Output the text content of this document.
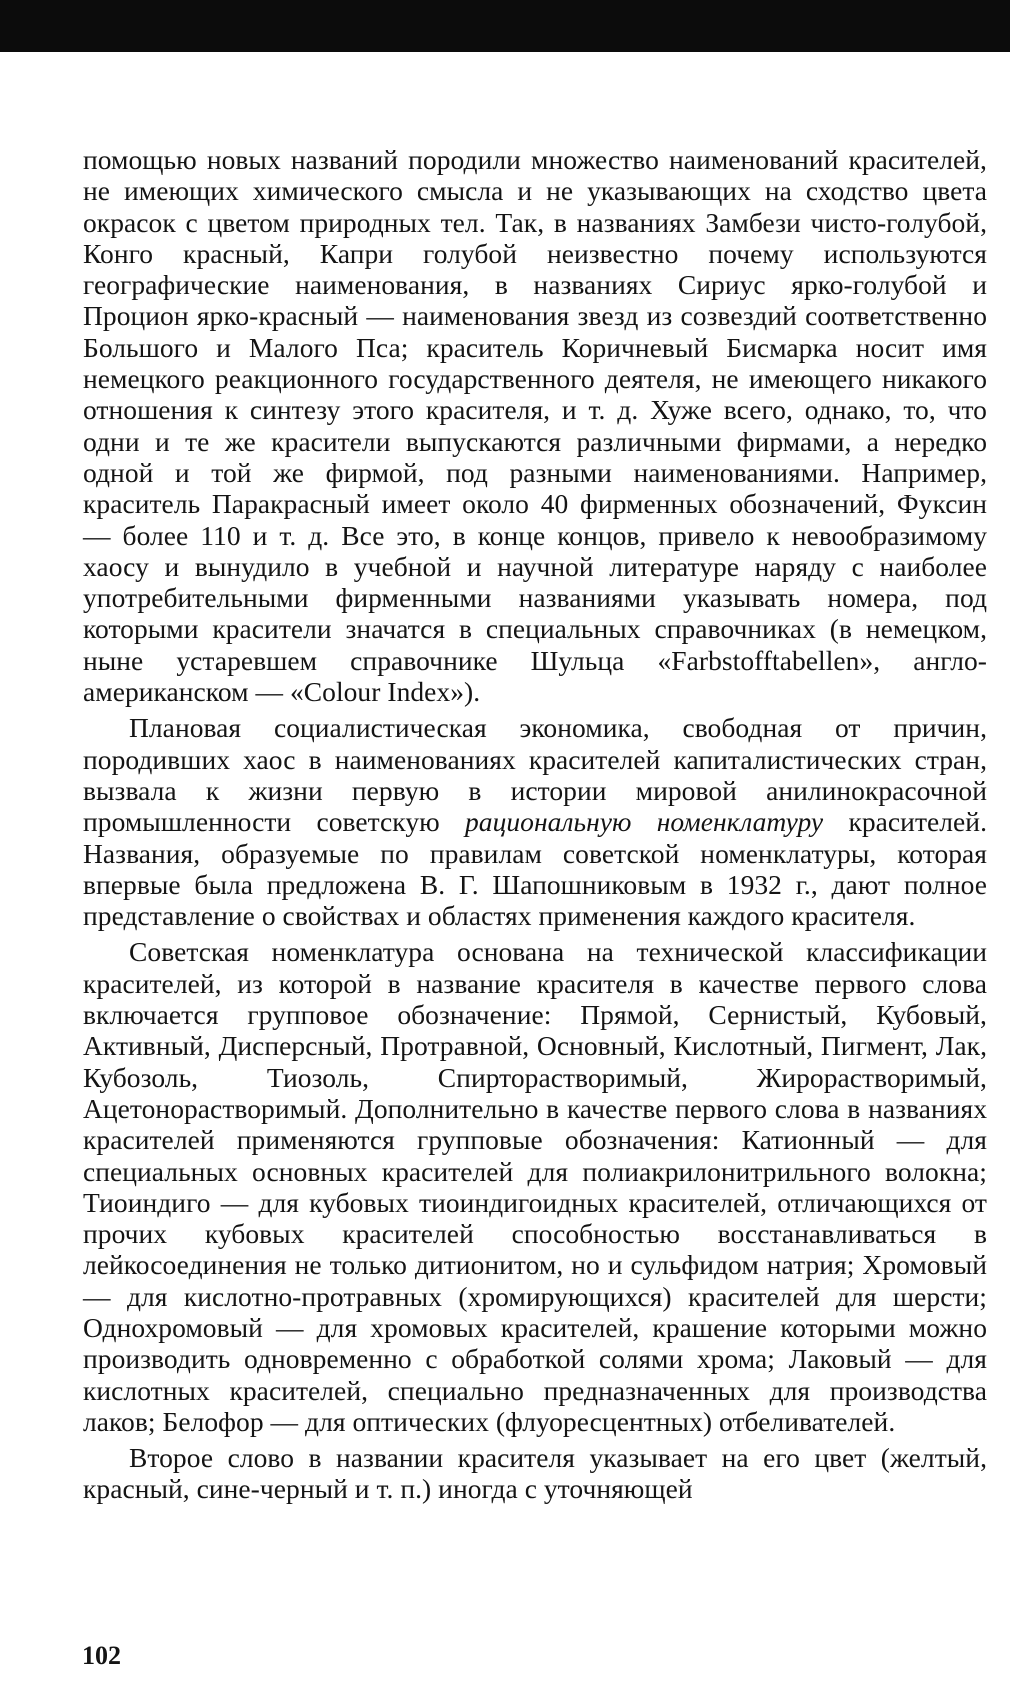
помощью новых названий породили множество наименований красителей, не имеющих химического смысла и не указывающих на сходство цвета окрасок с цветом природных тел. Так, в названиях Замбези чисто-голубой, Конго красный, Капри голубой неизвестно почему используются географические наименования, в названиях Сириус ярко-голубой и Процион ярко-красный — наименования звезд из созвездий соответственно Большого и Малого Пса; краситель Коричневый Бисмарка носит имя немецкого реакционного государственного деятеля, не имеющего никакого отношения к синтезу этого красителя, и т. д. Хуже всего, однако, то, что одни и те же красители выпускаются различными фирмами, а нередко одной и той же фирмой, под разными наименованиями. Например, краситель Паракрасный имеет около 40 фирменных обозначений, Фуксин — более 110 и т. д. Все это, в конце концов, привело к невообразимому хаосу и вынудило в учебной и научной литературе наряду с наиболее употребительными фирменными названиями указывать номера, под которыми красители значатся в специальных справочниках (в немецком, ныне устаревшем справочнике Шульца «Farbstofftabellen», англо-американском — «Colour Index»).

Плановая социалистическая экономика, свободная от причин, породивших хаос в наименованиях красителей капиталистических стран, вызвала к жизни первую в истории мировой анилинокрасочной промышленности советскую рациональную номенклатуру красителей. Названия, образуемые по правилам советской номенклатуры, которая впервые была предложена В. Г. Шапошниковым в 1932 г., дают полное представление о свойствах и областях применения каждого красителя.

Советская номенклатура основана на технической классификации красителей, из которой в название красителя в качестве первого слова включается групповое обозначение: Прямой, Сернистый, Кубовый, Активный, Дисперсный, Протравной, Основный, Кислотный, Пигмент, Лак, Кубозоль, Тиозоль, Спирторастворимый, Жирорастворимый, Ацетонорастворимый. Дополнительно в качестве первого слова в названиях красителей применяются групповые обозначения: Катионный — для специальных основных красителей для полиакрилонитрильного волокна; Тиоиндиго — для кубовых тиоиндигоидных красителей, отличающихся от прочих кубовых красителей способностью восстанавливаться в лейкосоединения не только дитионитом, но и сульфидом натрия; Хромовый — для кислотно-протравных (хромирующихся) красителей для шерсти; Однохромовый — для хромовых красителей, крашение которыми можно производить одновременно с обработкой солями хрома; Лаковый — для кислотных красителей, специально предназначенных для производства лаков; Белофор — для оптических (флуоресцентных) отбеливателей.

Второе слово в названии красителя указывает на его цвет (желтый, красный, сине-черный и т. п.) иногда с уточняющей

102
